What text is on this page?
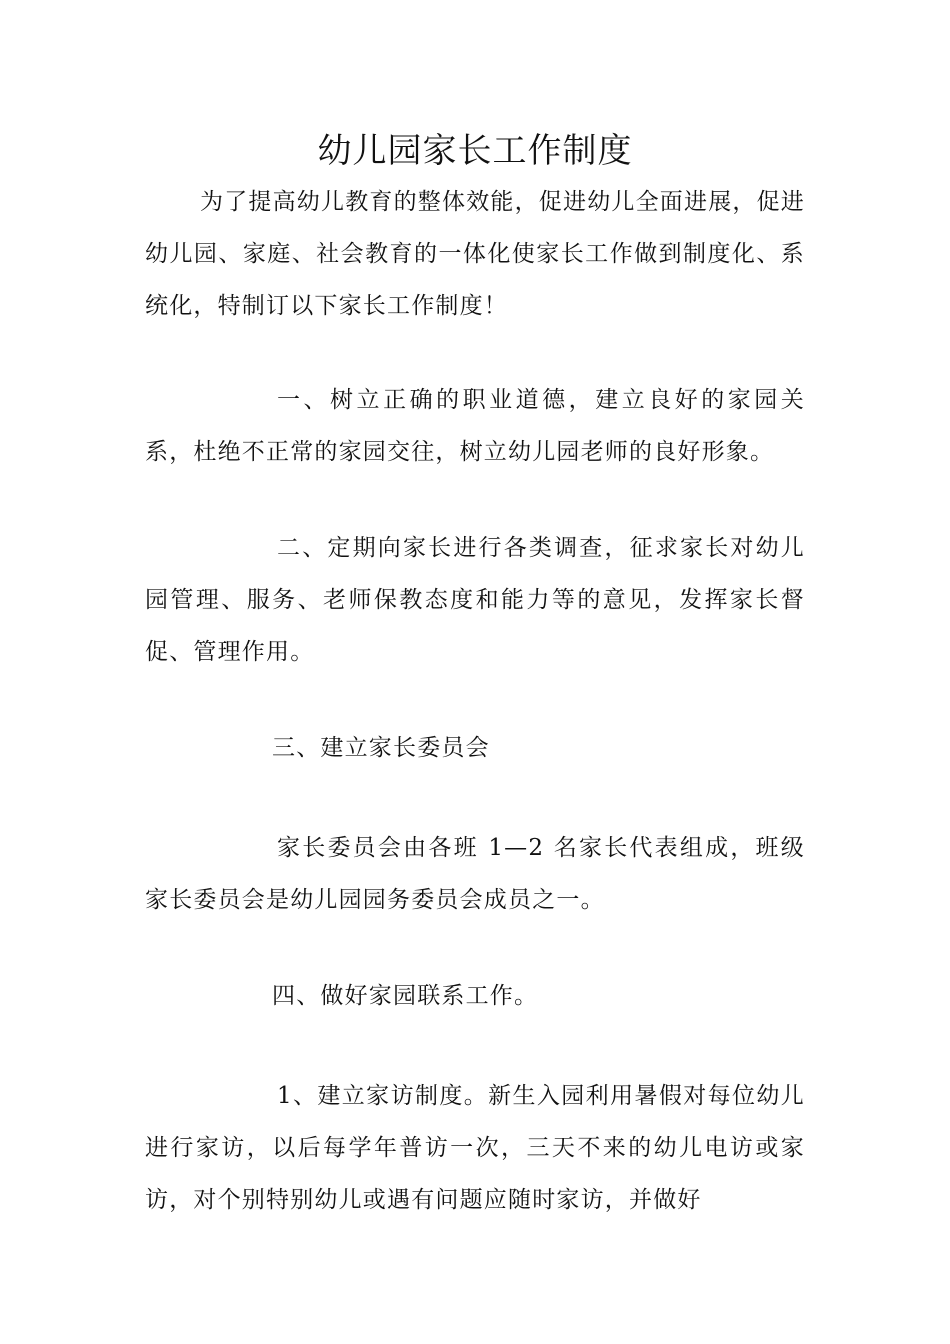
幼儿园家长工作制度

为了提高幼儿教育的整体效能，促进幼儿全面进展，促进幼儿园、家庭、社会教育的一体化使家长工作做到制度化、系统化，特制订以下家长工作制度！

一、树立正确的职业道德，建立良好的家园关系，杜绝不正常的家园交往，树立幼儿园老师的良好形象。

二、定期向家长进行各类调查，征求家长对幼儿园管理、服务、老师保教态度和能力等的意见，发挥家长督促、管理作用。

三、建立家长委员会

家长委员会由各班 1—2 名家长代表组成，班级家长委员会是幼儿园园务委员会成员之一。

四、做好家园联系工作。

1、建立家访制度。新生入园利用暑假对每位幼儿进行家访，以后每学年普访一次，三天不来的幼儿电访或家访，对个别特别幼儿或遇有问题应随时家访，并做好
